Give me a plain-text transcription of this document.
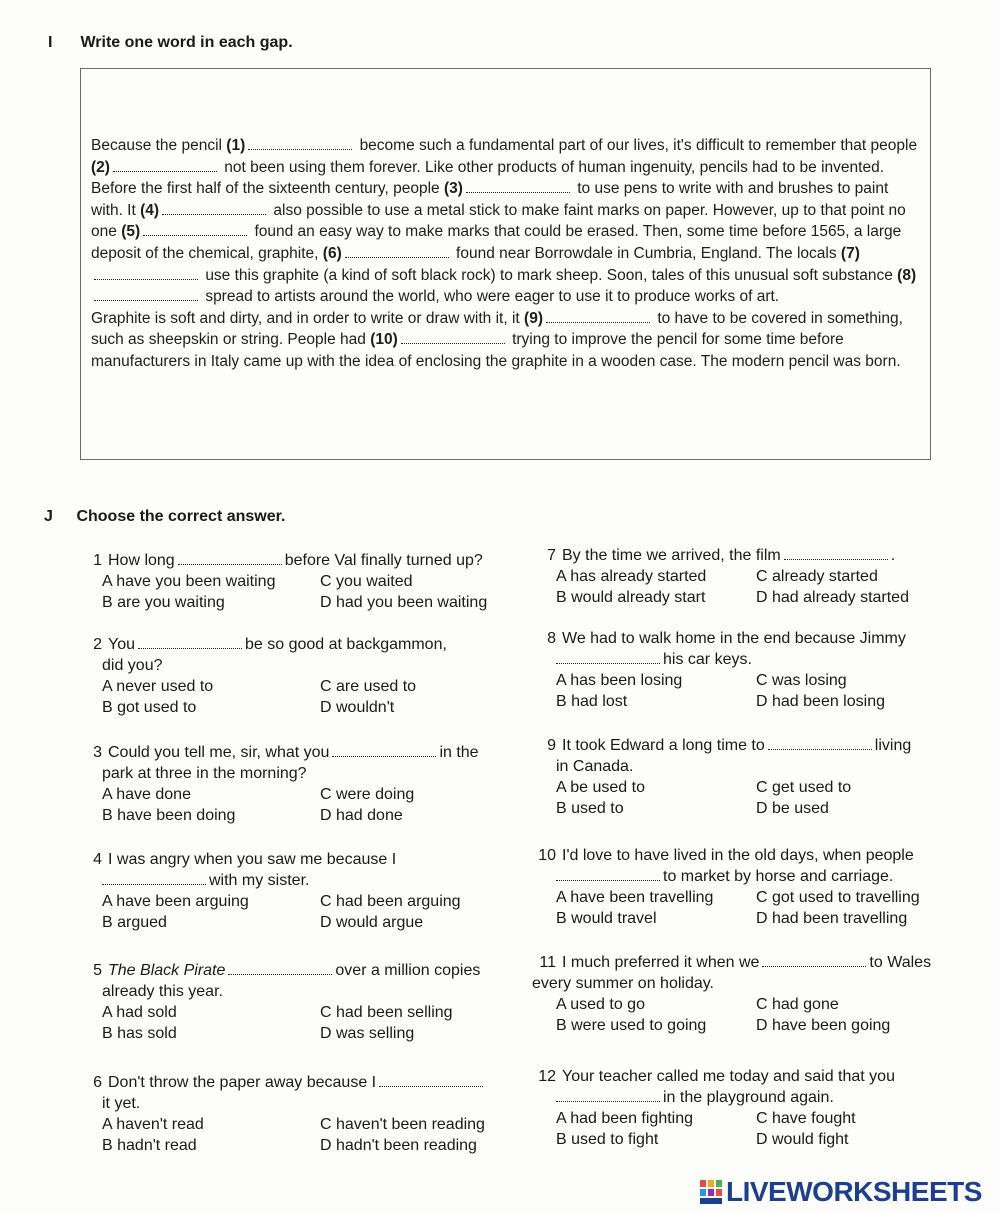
I Write one word in each gap.

Because the pencil (1)	become such a fundamental part of our lives, it's difficult to remember that people (2)	not been using them forever. Like other products of human ingenuity, pencils had to be invented.

Before the first half of the sixteenth century, people (3)	to use pens to write with and brushes to paint with. It (4)	also possible to use a metal stick to make faint marks on paper. However, up to that point no one (5)	found an easy way to make marks that could be erased. Then, some time before 1565, a large deposit of the chemical, graphite, (6)	found near Borrowdale in Cumbria, England. The locals (7) use this graphite (a kind of soft black rock) to mark sheep. Soon, tales of this unusual soft substance (8) spread to artists around the world, who were eager to use it to produce works of art.

Graphite is soft and dirty, and in order to write or draw with it, it (9)	to have to be covered in something, such as sheepskin or string. People had (10)	trying to improve the pencil for some time before manufacturers in Italy came up with the idea of enclosing the graphite in a wooden case. The modern pencil was born.

J Choose the correct answer.
1 How long	before Val finally turned up?
A have you been waiting	C you waited
B are you waiting	D had you been waiting
2 You	be so good at backgammon,
did you?
A never used to	C are used to
B got used to	D wouldn't
3 Could you tell me, sir, what you	in the
park at three in the morning?
A have done	C were doing
B have been doing	D had done
4 I was angry when you saw me because I
with my sister.
A have been arguing	C had been arguing
B argued	D would argue
5 The Black Pirate	over a million copies
already this year.
A had sold	C had been selling
B has sold	D was selling
6 Don't throw the paper away because I
it yet.
A haven't read	C haven't been reading
B hadn't read	D hadn't been reading
7 By the time we arrived, the film	.
A has already started	C already started
B would already start	D had already started
8 We had to walk home in the end because Jimmy
his car keys.
A has been losing	C was losing
B had lost	D had been losing
9 It took Edward a long time to	living
in Canada.
A be used to	C get used to
B used to	D be used
10 I'd love to have lived in the old days, when people
to market by horse and carriage.
A have been travelling	C got used to travelling
B would travel	D had been travelling
11 I much preferred it when we	to Wales
every summer on holiday.
A used to go	C had gone
B were used to going	D have been going
12 Your teacher called me today and said that you
in the playground again.
A had been fighting	C have fought
B used to fight	D would fight
LIVEWORKSHEETS
